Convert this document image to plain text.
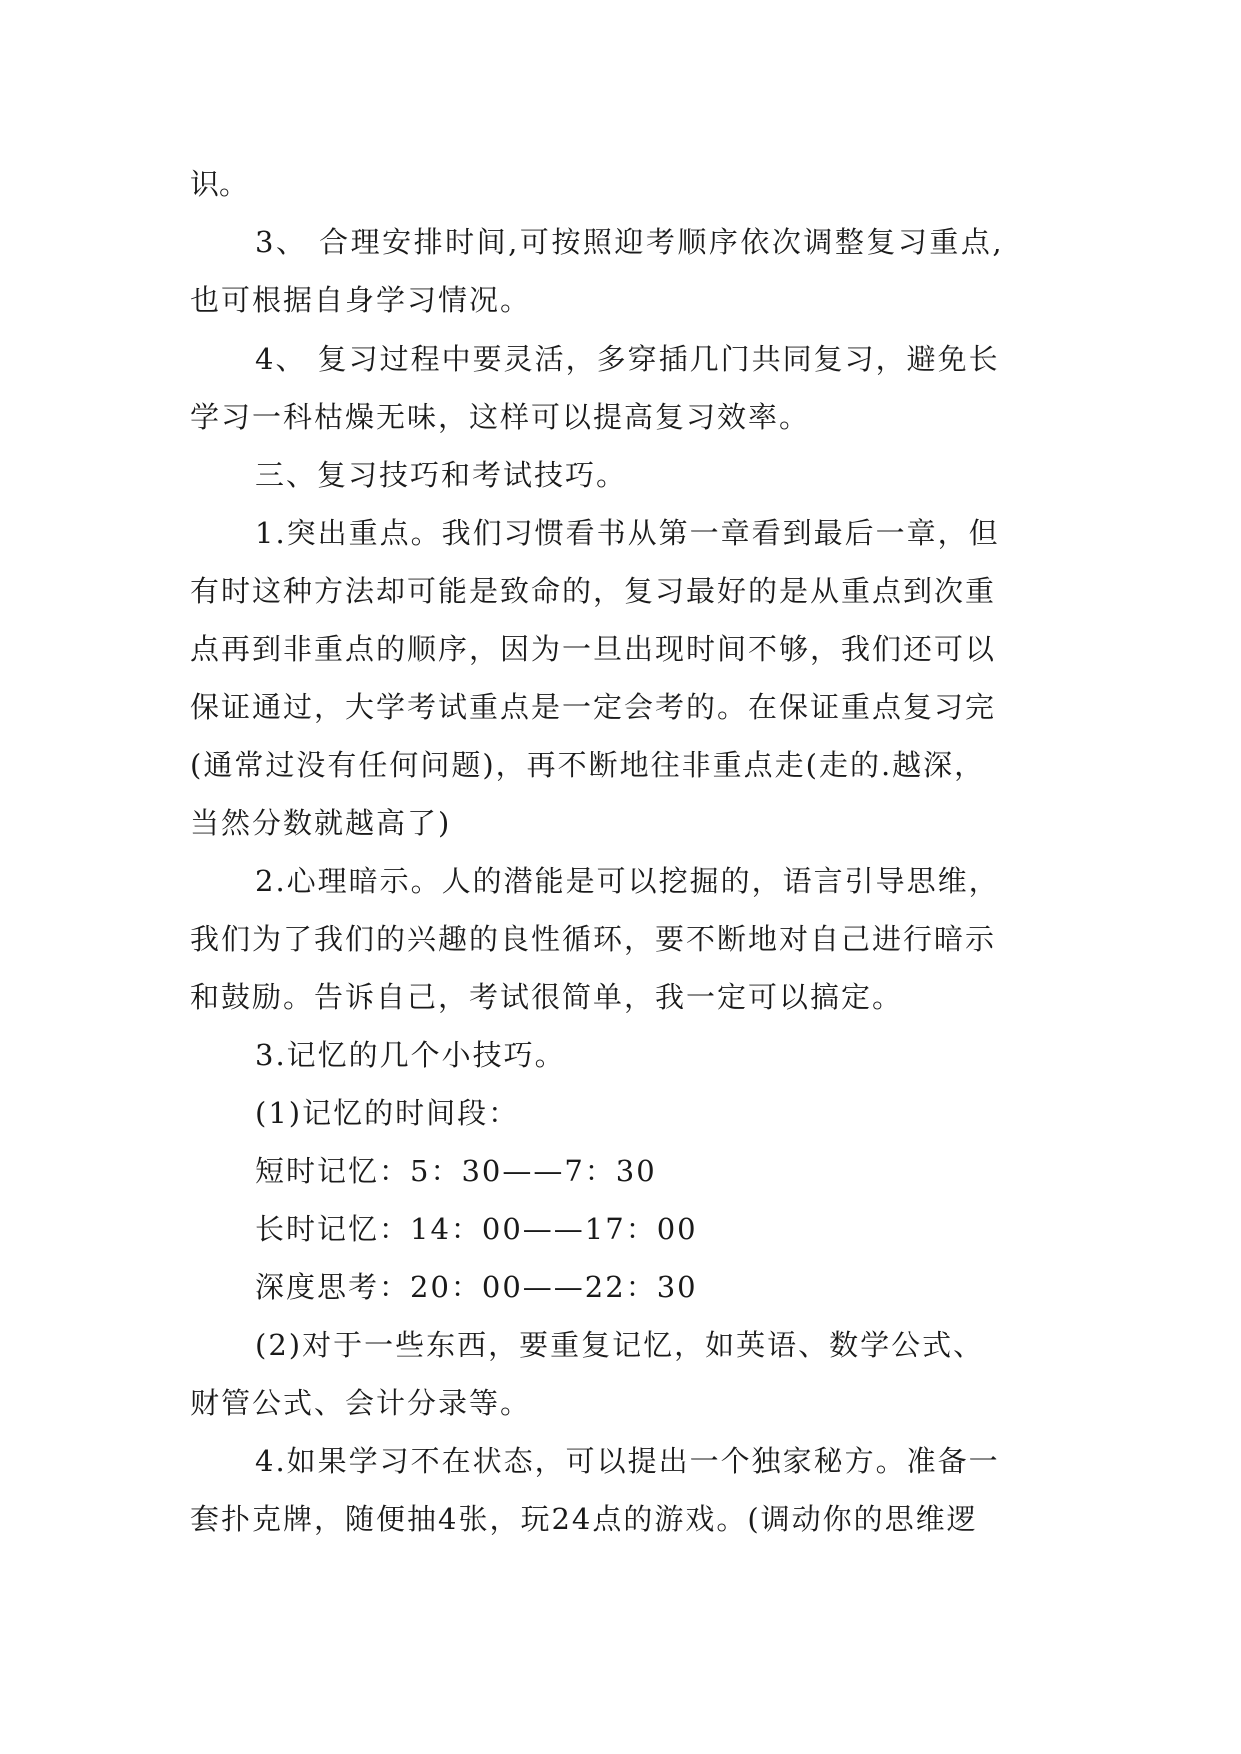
识。
3、 合理安排时间,可按照迎考顺序依次调整复习重点,
也可根据自身学习情况。
4、 复习过程中要灵活，多穿插几门共同复习，避免长
学习一科枯燥无味，这样可以提高复习效率。
三、复习技巧和考试技巧。
1.突出重点。我们习惯看书从第一章看到最后一章，但
有时这种方法却可能是致命的，复习最好的是从重点到次重
点再到非重点的顺序，因为一旦出现时间不够，我们还可以
保证通过，大学考试重点是一定会考的。在保证重点复习完
(通常过没有任何问题)，再不断地往非重点走(走的.越深，
当然分数就越高了)
2.心理暗示。人的潜能是可以挖掘的，语言引导思维，
我们为了我们的兴趣的良性循环，要不断地对自己进行暗示
和鼓励。告诉自己，考试很简单，我一定可以搞定。
3.记忆的几个小技巧。
(1)记忆的时间段：
短时记忆：5：30——7：30
长时记忆：14：00——17：00
深度思考：20：00——22：30
(2)对于一些东西，要重复记忆，如英语、数学公式、
财管公式、会计分录等。
4.如果学习不在状态，可以提出一个独家秘方。准备一
套扑克牌，随便抽4张，玩24点的游戏。(调动你的思维逻
